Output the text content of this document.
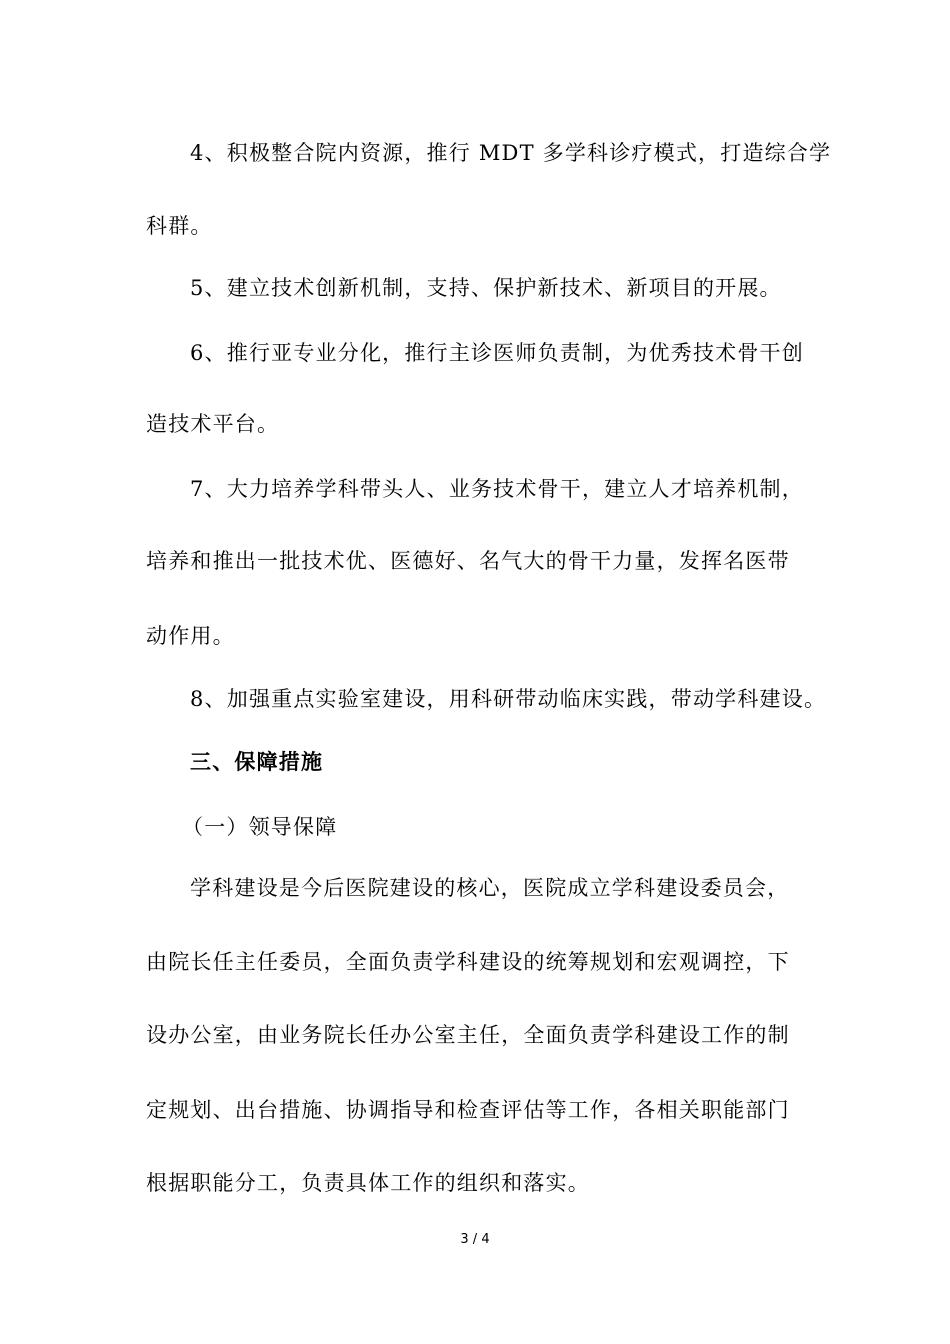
4、积极整合院内资源，推行 MDT 多学科诊疗模式，打造综合学

科群。

5、建立技术创新机制，支持、保护新技术、新项目的开展。

6、推行亚专业分化，推行主诊医师负责制，为优秀技术骨干创

造技术平台。

7、大力培养学科带头人、业务技术骨干，建立人才培养机制，

培养和推出一批技术优、医德好、名气大的骨干力量，发挥名医带

动作用。

8、加强重点实验室建设，用科研带动临床实践，带动学科建设。

三、保障措施

（一）领导保障

学科建设是今后医院建设的核心，医院成立学科建设委员会，

由院长任主任委员，全面负责学科建设的统筹规划和宏观调控，下

设办公室，由业务院长任办公室主任，全面负责学科建设工作的制

定规划、出台措施、协调指导和检查评估等工作，各相关职能部门

根据职能分工，负责具体工作的组织和落实。

3 / 4
